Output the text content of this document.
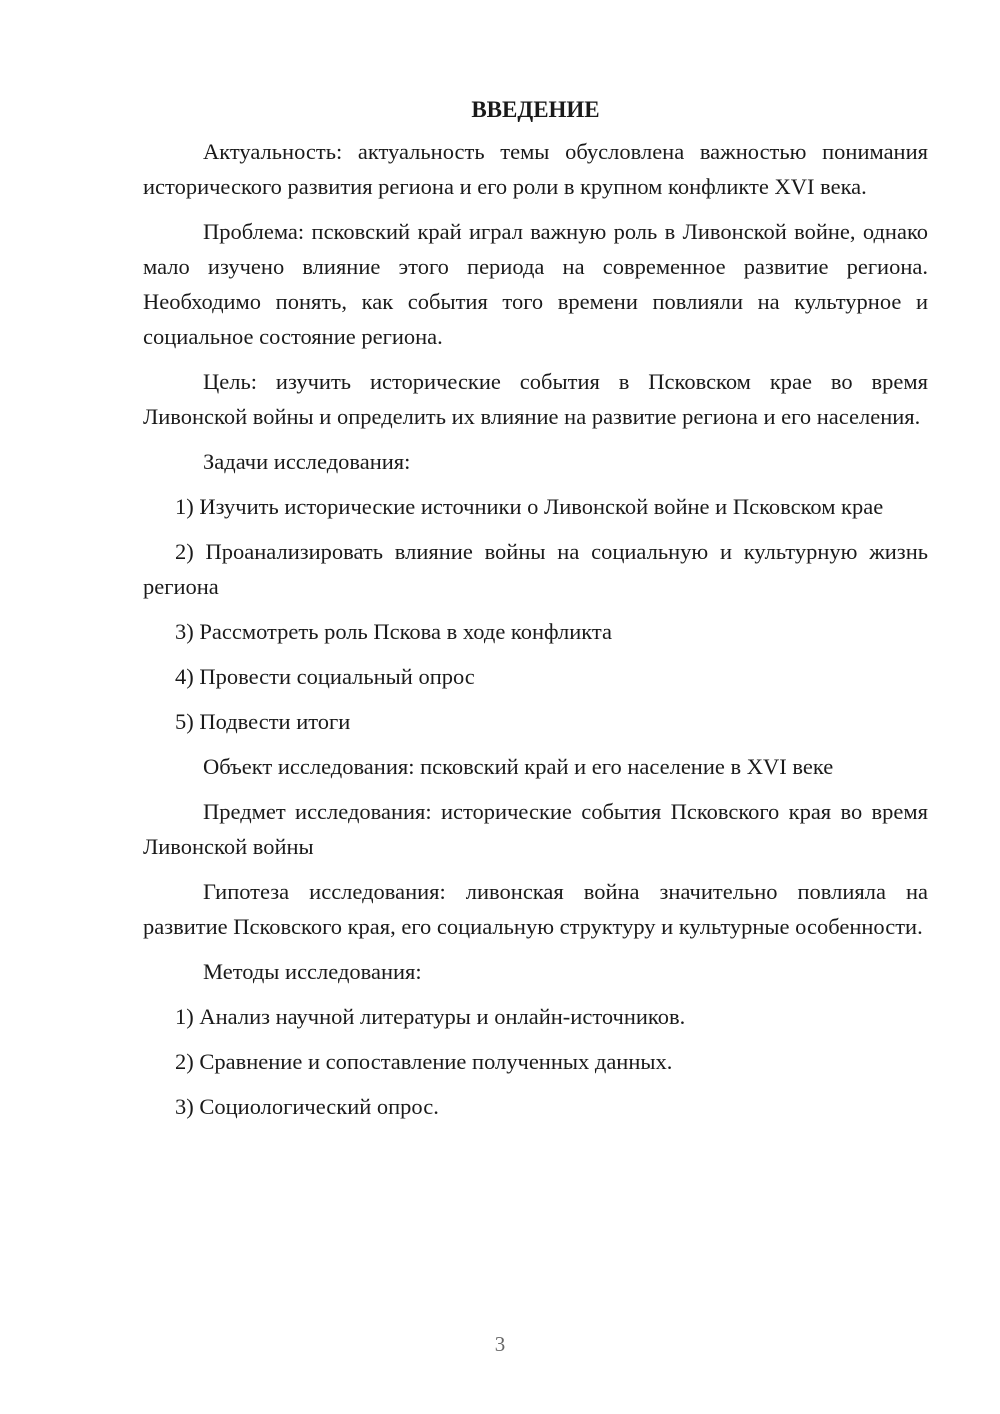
ВВЕДЕНИЕ

Актуальность: актуальность темы обусловлена важностью понимания исторического развития региона и его роли в крупном конфликте XVI века.

Проблема: псковский край играл важную роль в Ливонской войне, однако мало изучено влияние этого периода на современное развитие региона. Необходимо понять, как события того времени повлияли на культурное и социальное состояние региона.

Цель: изучить исторические события в Псковском крае во время Ливонской войны и определить их влияние на развитие региона и его населения.

Задачи исследования:

1) Изучить исторические источники о Ливонской войне и Псковском крае

2) Проанализировать влияние войны на социальную и культурную жизнь региона

3) Рассмотреть роль Пскова в ходе конфликта

4) Провести социальный опрос

5) Подвести итоги

Объект исследования: псковский край и его население в XVI веке

Предмет исследования: исторические события Псковского края во время Ливонской войны

Гипотеза исследования: ливонская война значительно повлияла на развитие Псковского края, его социальную структуру и культурные особенности.

Методы исследования:

1) Анализ научной литературы и онлайн-источников.

2) Сравнение и сопоставление полученных данных.

3) Социологический опрос.

3
